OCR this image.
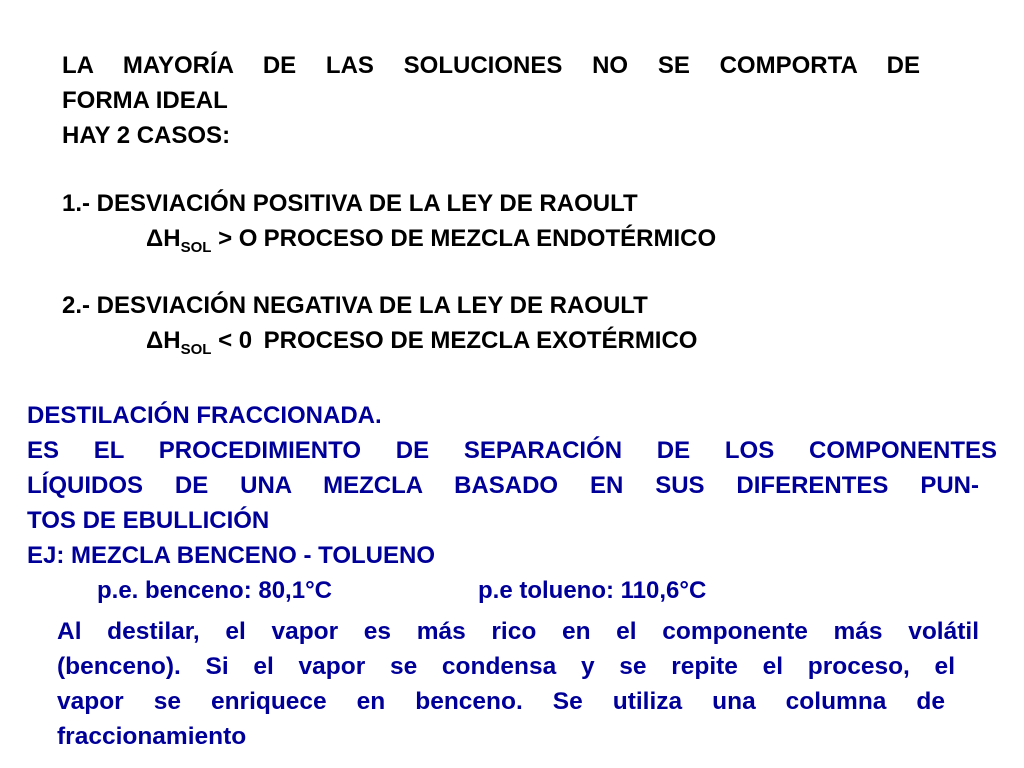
LA MAYORÍA DE LAS SOLUCIONES NO SE COMPORTA DE
FORMA IDEAL
HAY 2 CASOS:
1.- DESVIACIÓN POSITIVA DE LA LEY DE RAOULT
$\Delta H_{SOL} > O$ PROCESO DE MEZCLA ENDOTÉRMICO
2.- DESVIACIÓN NEGATIVA DE LA LEY DE RAOULT
$\Delta H_{SOL} < 0$ PROCESO DE MEZCLA EXOTÉRMICO
DESTILACIÓN FRACCIONADA.
ES EL PROCEDIMIENTO DE SEPARACIÓN DE LOS COMPONENTES
LÍQUIDOS DE UNA MEZCLA BASADO EN SUS DIFERENTES PUN-
TOS DE EBULLICIÓN
EJ: MEZCLA BENCENO - TOLUENO
p.e. benceno: 80,1°C	p.e tolueno: 110,6°C
Al destilar, el vapor es más rico en el componente más volátil
(benceno). Si el vapor se condensa y se repite el proceso, el
vapor se enriquece en benceno. Se utiliza una columna de
fraccionamiento
